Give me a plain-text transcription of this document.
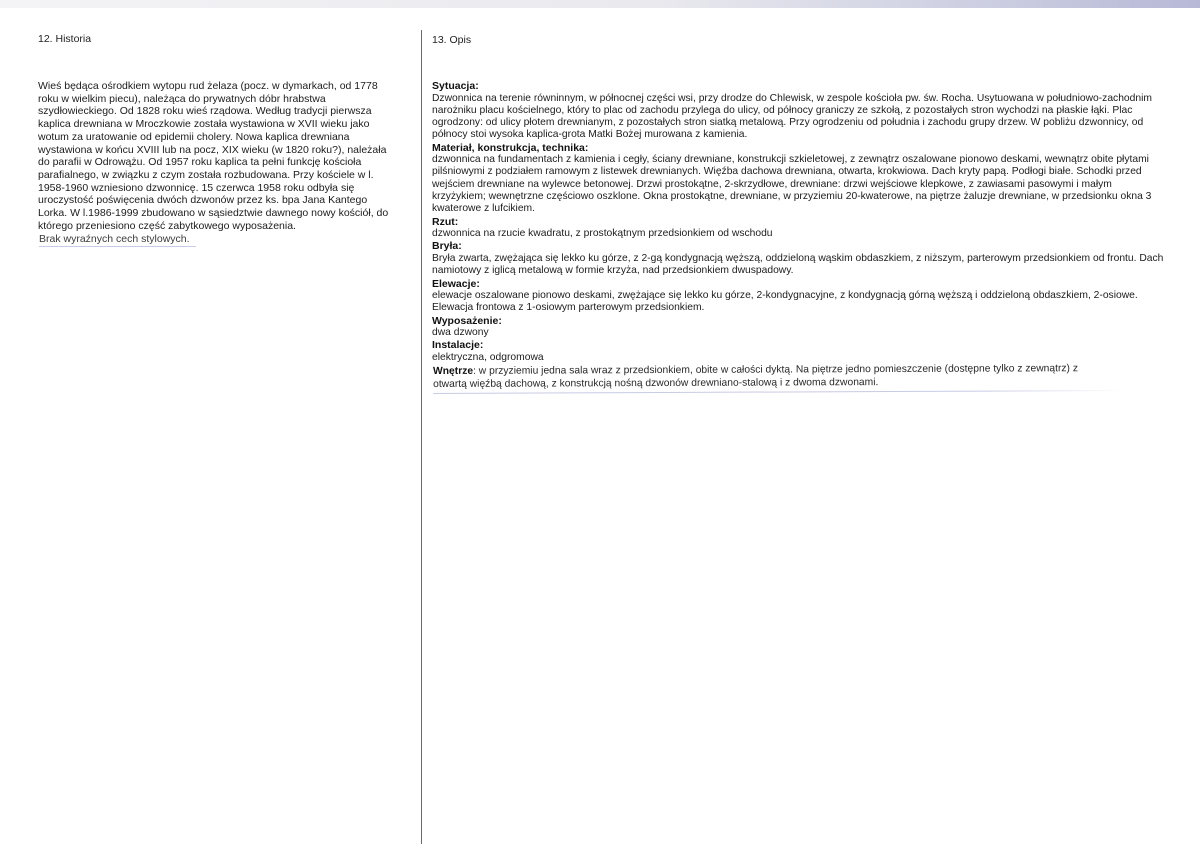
12. Historia

Wieś będąca ośrodkiem wytopu rud żelaza (pocz. w dymarkach, od 1778 roku w wielkim piecu), należąca do prywatnych dóbr hrabstwa szydłowieckiego. Od 1828 roku wieś rządowa. Według tradycji pierwsza kaplica drewniana w Mroczkowie została wystawiona w XVII wieku jako wotum za uratowanie od epidemii cholery. Nowa kaplica drewniana wystawiona w końcu XVIII lub na pocz, XIX wieku (w 1820 roku?), należała do parafii w Odrowążu. Od 1957 roku kaplica ta pełni funkcję kościoła parafialnego, w związku z czym została rozbudowana. Przy kościele w l. 1958-1960 wzniesiono dzwonnicę. 15 czerwca 1958 roku odbyła się uroczystość poświęcenia dwóch dzwonów przez ks. bpa Jana Kantego Lorka. W l.1986-1999 zbudowano w sąsiedztwie dawnego nowy kościół, do którego przeniesiono część zabytkowego wyposażenia.

Brak wyraźnych cech stylowych.
13. Opis
Sytuacja:

Dzwonnica na terenie równinnym, w północnej części wsi, przy drodze do Chlewisk, w zespole kościoła pw. św. Rocha. Usytuowana w południowo-zachodnim narożniku placu kościelnego, który to plac od zachodu przylega do ulicy, od północy graniczy ze szkołą, z pozostałych stron wychodzi na płaskie łąki. Plac ogrodzony: od ulicy płotem drewnianym, z pozostałych stron siatką metalową. Przy ogrodzeniu od południa i zachodu grupy drzew. W pobliżu dzwonnicy, od północy stoi wysoka kaplica-grota Matki Bożej murowana z kamienia.

Materiał, konstrukcja, technika:

dzwonnica na fundamentach z kamienia i cegły, ściany drewniane, konstrukcji szkieletowej, z zewnątrz oszalowane pionowo deskami, wewnątrz obite płytami pilśniowymi z podziałem ramowym z listewek drewnianych. Więźba dachowa drewniana, otwarta, krokwiowa. Dach kryty papą. Podłogi białe. Schodki przed wejściem drewniane na wylewce betonowej. Drzwi prostokątne, 2-skrzydłowe, drewniane: drzwi wejściowe klepkowe, z zawiasami pasowymi i małym krzyżykiem; wewnętrzne częściowo oszklone. Okna prostokątne, drewniane, w przyziemiu 20-kwaterowe, na piętrze żaluzje drewniane, w przedsionku okna 3 kwaterowe z lufcikiem.

Rzut:

dzwonnica na rzucie kwadratu, z prostokątnym przedsionkiem od wschodu

Bryła:

Bryła zwarta, zwężająca się lekko ku górze, z 2-gą kondygnacją węższą, oddzieloną wąskim obdaszkiem, z niższym, parterowym przedsionkiem od frontu. Dach namiotowy z iglicą metalową w formie krzyża, nad przedsionkiem dwuspadowy.

Elewacje:

elewacje oszalowane pionowo deskami, zwężające się lekko ku górze, 2-kondygnacyjne, z kondygnacją górną węższą i oddzieloną obdaszkiem, 2-osiowe. Elewacja frontowa z 1-osiowym parterowym przedsionkiem.

Wyposażenie:

dwa dzwony

Instalacje:

elektryczna, odgromowa

Wnętrze: w przyziemiu jedna sala wraz z przedsionkiem, obite w całości dyktą. Na piętrze jedno pomieszczenie (dostępne tylko z zewnątrz) z otwartą więźbą dachową, z konstrukcją nośną dzwonów drewniano-stalową i z dwoma dzwonami.
